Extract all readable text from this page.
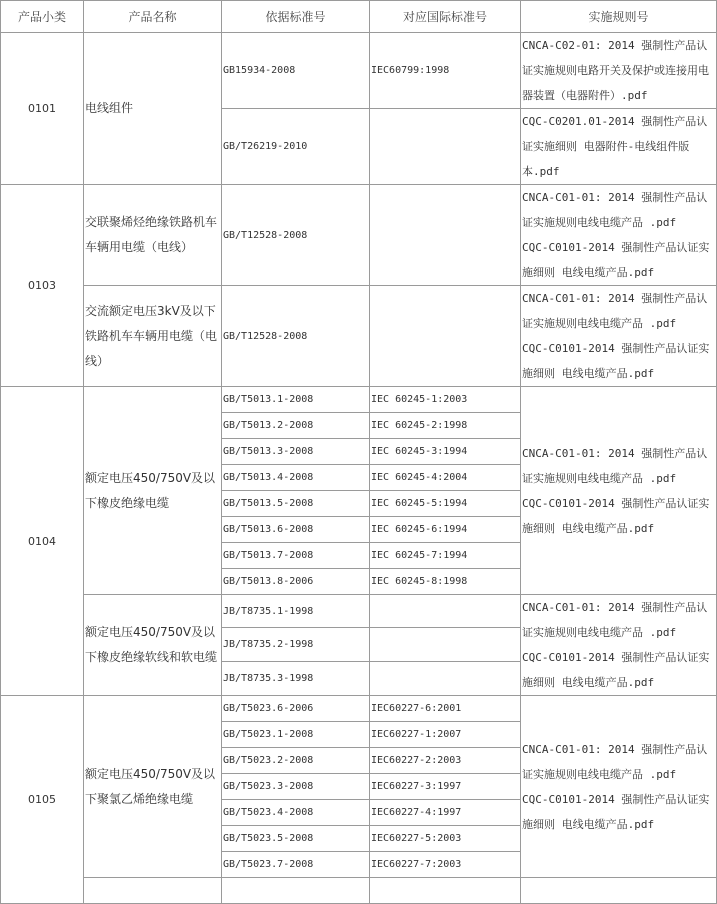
产品小类	产品名称	依据标准号	对应国际标准号	实施规则号
0101	电线组件	GB15934-2008	IEC60799:1998	CNCA-C02-01: 2014 强制性产品认证实施规则电路开关及保护或连接用电器装置（电器附件）.pdf

		GB/T26219-2010		CQC-C0201.01-2014 强制性产品认证实施细则 电器附件-电线组件版本.pdf

0103	交联聚烯烃绝缘铁路机车车辆用电缆（电线）	GB/T12528-2008		CNCA-C01-01: 2014 强制性产品认证实施规则电线电缆产品 .pdf
CQC-C0101-2014 强制性产品认证实施细则 电线电缆产品.pdf

	交流额定电压3kV及以下铁路机车车辆用电缆（电线）	GB/T12528-2008		CNCA-C01-01: 2014 强制性产品认证实施规则电线电缆产品 .pdf
CQC-C0101-2014 强制性产品认证实施细则 电线电缆产品.pdf

0104	额定电压450/750V及以下橡皮绝缘电缆	GB/T5013.1-2008	IEC 60245-1:2003	CNCA-C01-01: 2014 强制性产品认证实施规则电线电缆产品 .pdf
CQC-C0101-2014 强制性产品认证实施细则 电线电缆产品.pdf

		GB/T5013.2-2008	IEC 60245-2:1998	
		GB/T5013.3-2008	IEC 60245-3:1994	
		GB/T5013.4-2008	IEC 60245-4:2004	
		GB/T5013.5-2008	IEC 60245-5:1994	
		GB/T5013.6-2008	IEC 60245-6:1994	
		GB/T5013.7-2008	IEC 60245-7:1994	
		GB/T5013.8-2006	IEC 60245-8:1998	
	额定电压450/750V及以下橡皮绝缘软线和软电缆	JB/T8735.1-1998		CNCA-C01-01: 2014 强制性产品认证实施规则电线电缆产品 .pdf
CQC-C0101-2014 强制性产品认证实施细则 电线电缆产品.pdf

		JB/T8735.2-1998		
		JB/T8735.3-1998		
0105	额定电压450/750V及以下聚氯乙烯绝缘电缆	GB/T5023.6-2006	IEC60227-6:2001	CNCA-C01-01: 2014 强制性产品认证实施规则电线电缆产品 .pdf
CQC-C0101-2014 强制性产品认证实施细则 电线电缆产品.pdf

		GB/T5023.1-2008	IEC60227-1:2007	
		GB/T5023.2-2008	IEC60227-2:2003	
		GB/T5023.3-2008	IEC60227-3:1997	
		GB/T5023.4-2008	IEC60227-4:1997	
		GB/T5023.5-2008	IEC60227-5:2003	
		GB/T5023.7-2008	IEC60227-7:2003	
